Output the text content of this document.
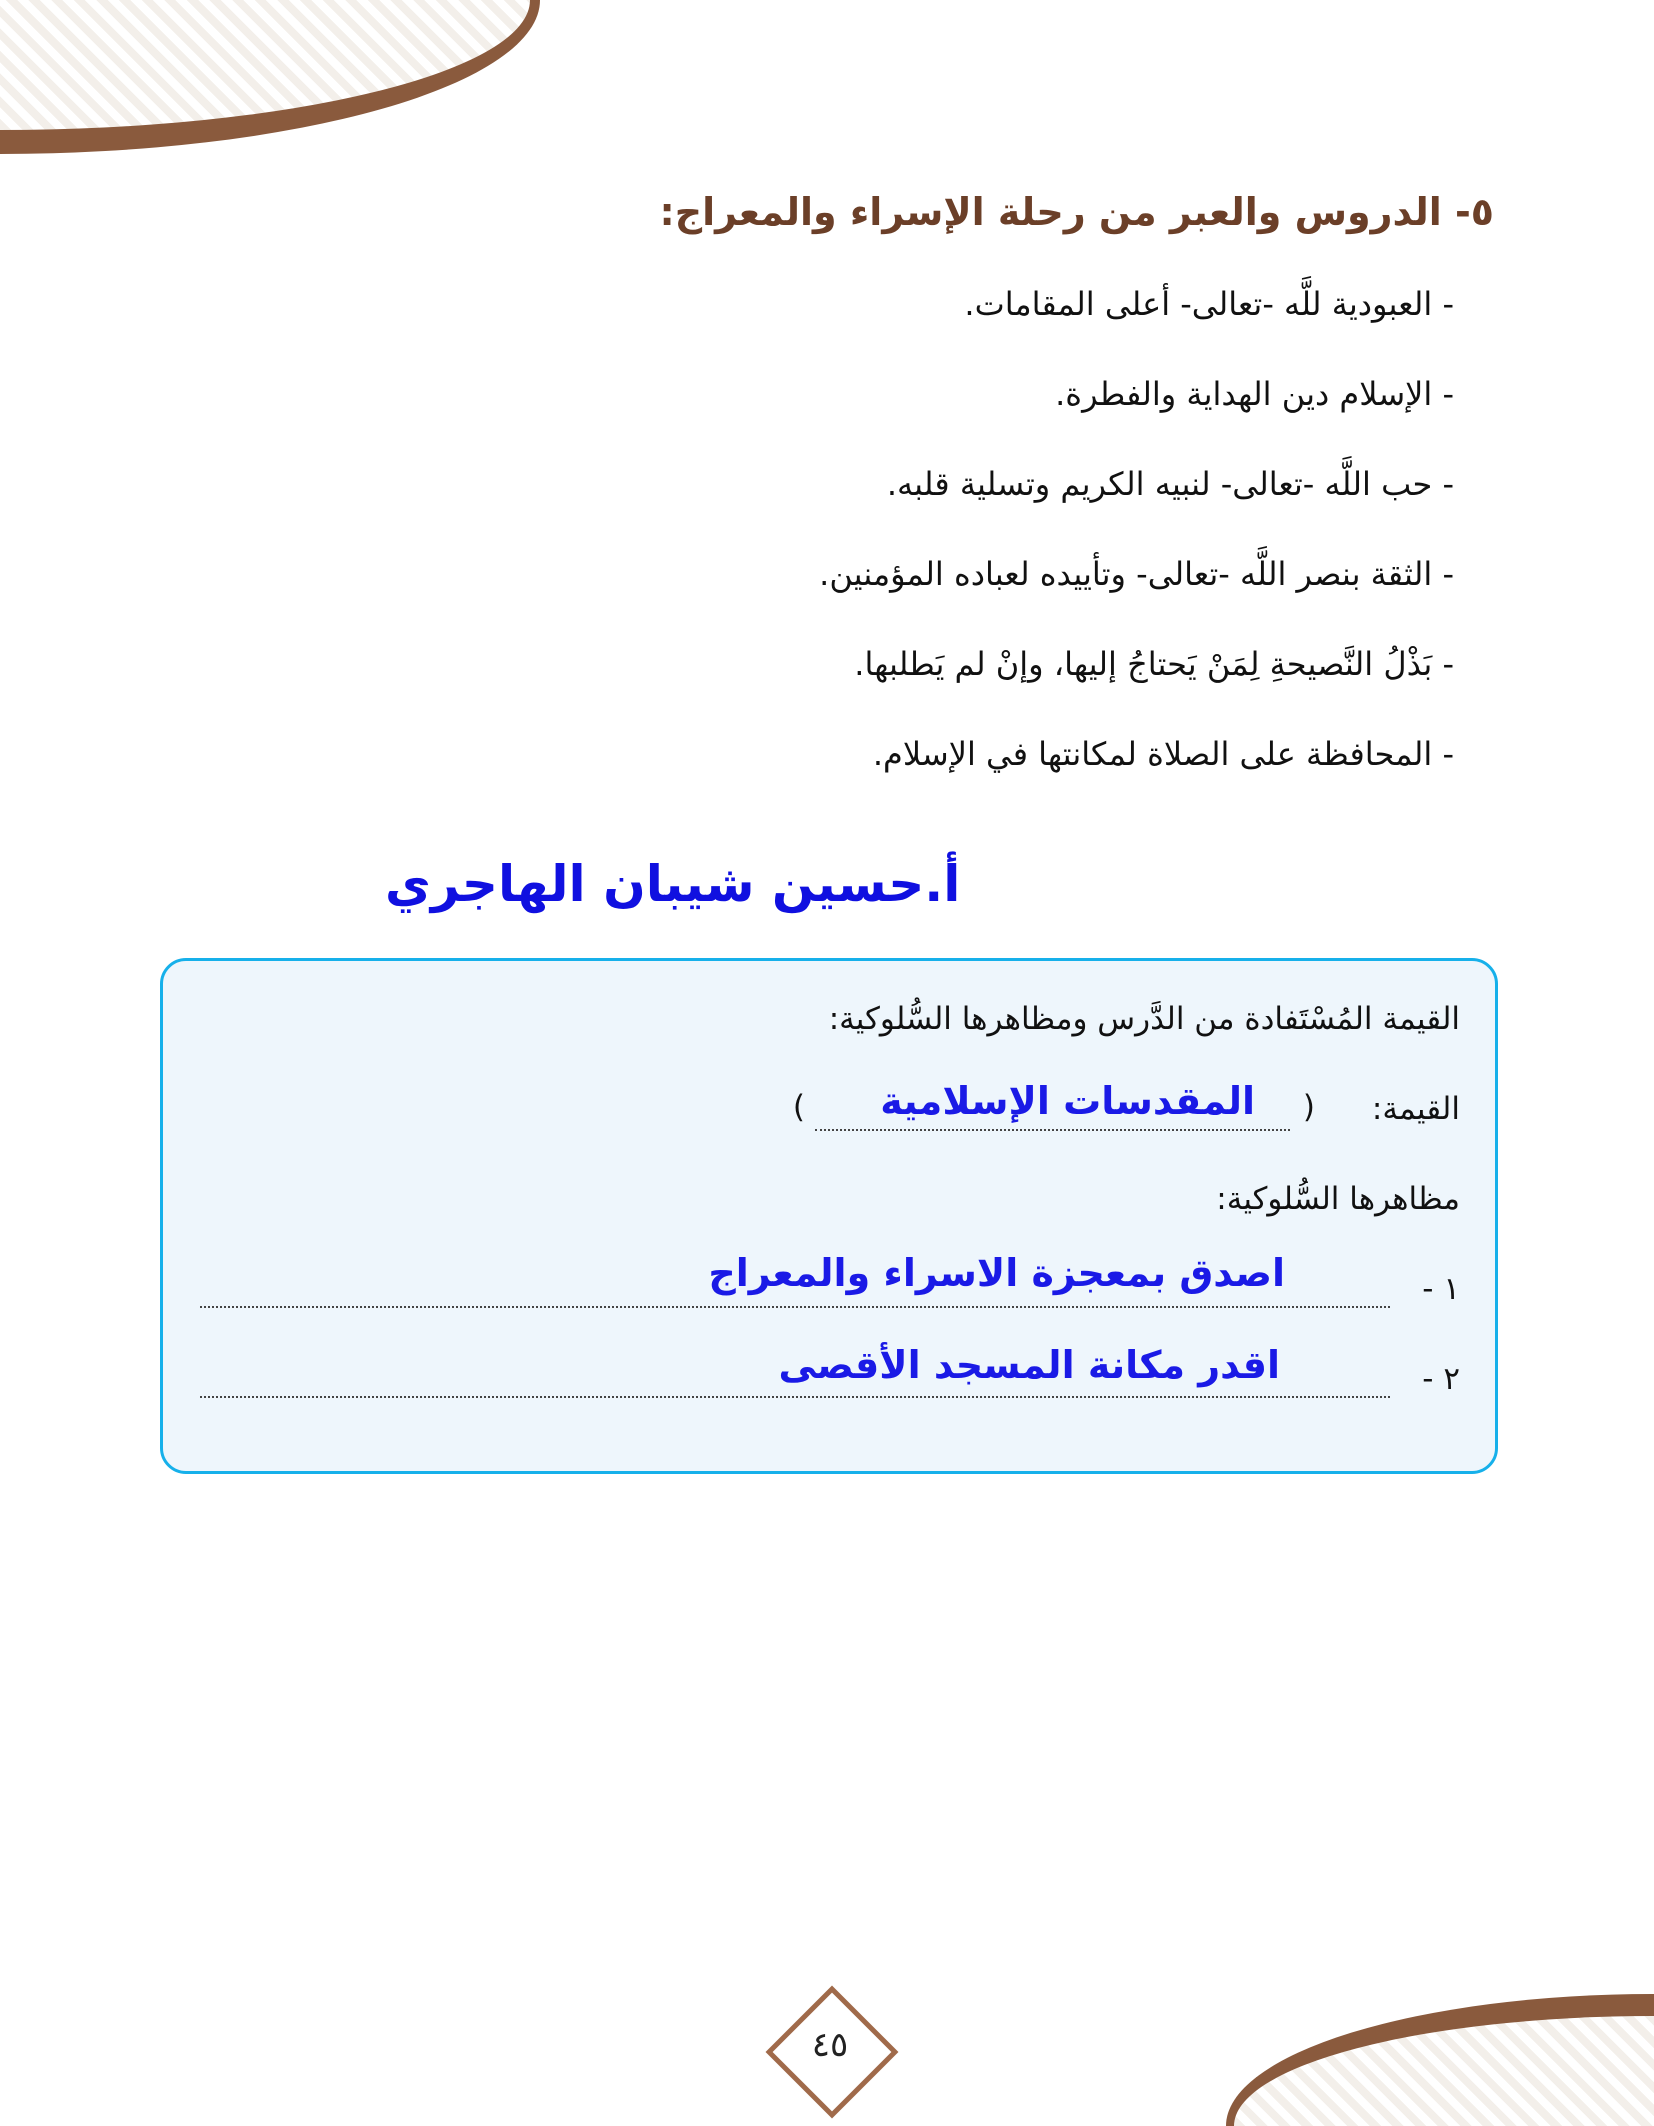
٥- الدروس والعبر من رحلة الإسراء والمعراج:
- العبودية للَّه -تعالى- أعلى المقامات.
- الإسلام دين الهداية والفطرة.
- حب اللَّه -تعالى- لنبيه الكريم وتسلية قلبه.
- الثقة بنصر اللَّه -تعالى- وتأييده لعباده المؤمنين.
- بَذْلُ النَّصيحةِ لِمَنْ يَحتاجُ إليها، وإنْ لم يَطلبها.
- المحافظة على الصلاة لمكانتها في الإسلام.
أ.حسين شيبان الهاجري
القيمة المُسْتَفادة من الدَّرس ومظاهرها السُّلوكية:
القيمة:
)
المقدسات الإسلامية
(
مظاهرها السُّلوكية:
١ -
اصدق بمعجزة الاسراء والمعراج
٢ -
اقدر مكانة المسجد الأقصى
٤٥
